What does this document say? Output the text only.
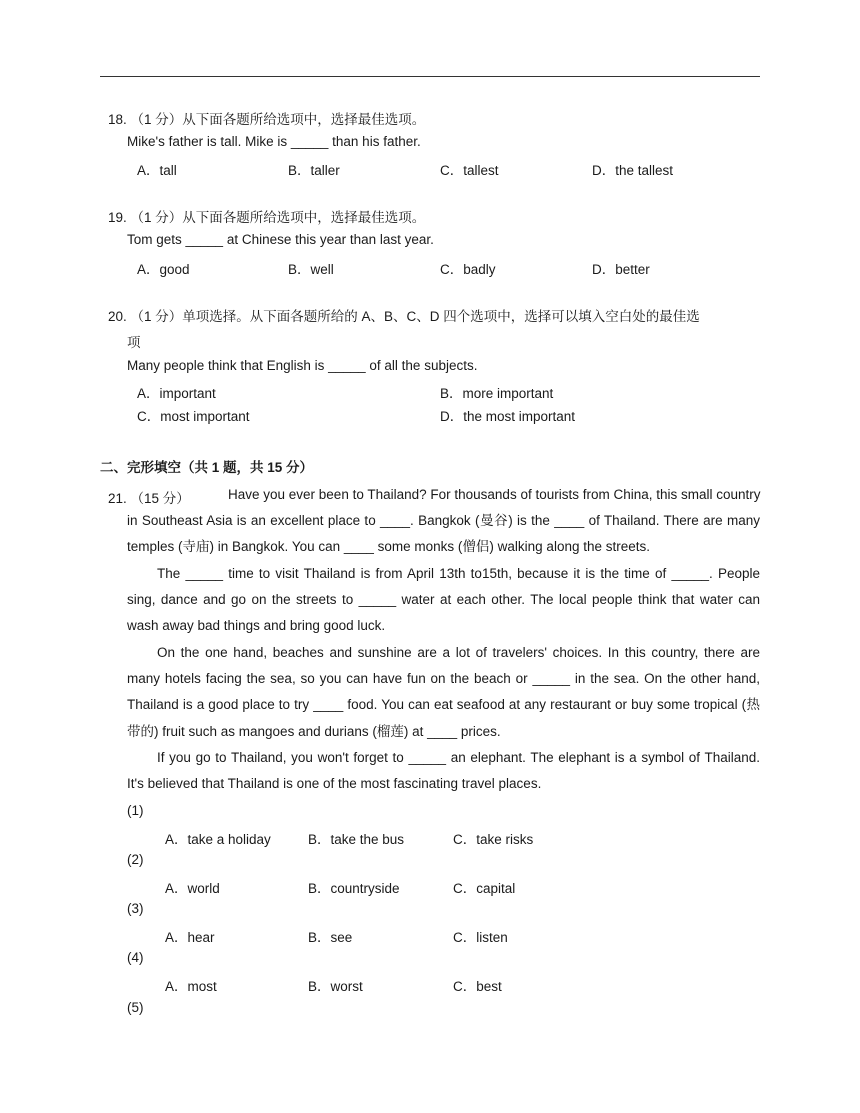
18. （1 分）从下面各题所给选项中，选择最佳选项。
Mike's father is tall. Mike is _____ than his father.
A．tall	B．taller	C．tallest	D．the tallest
19. （1 分）从下面各题所给选项中，选择最佳选项。
Tom gets _____ at Chinese this year than last year.
A．good	B．well	C．badly	D．better
20. （1 分）单项选择。从下面各题所给的 A、B、C、D 四个选项中，选择可以填入空白处的最佳选
项
Many people think that English is _____ of all the subjects.
A．important	B．more important
C．most important	D．the most important
二、完形填空（共 1 题，共 15 分）
21. （15 分）	Have you ever been to Thailand? For thousands of tourists from China, this small country
in Southeast Asia is an excellent place to ____. Bangkok (曼谷) is the ____ of Thailand. There are many temples (寺庙) in Bangkok. You can ____ some monks (僧侣) walking along the streets.
The _____ time to visit Thailand is from April 13th to15th, because it is the time of _____. People sing, dance and go on the streets to _____ water at each other. The local people think that water can wash away bad things and bring good luck.
On the one hand, beaches and sunshine are a lot of travelers' choices. In this country, there are many hotels facing the sea, so you can have fun on the beach or _____ in the sea. On the other hand, Thailand is a good place to try ____ food. You can eat seafood at any restaurant or buy some tropical (热带的) fruit such as mangoes and durians (榴莲) at ____ prices.
If you go to Thailand, you won't forget to _____ an elephant. The elephant is a symbol of Thailand. It's believed that Thailand is one of the most fascinating travel places.
(1)
A．take a holiday	B．take the bus	C．take risks
(2)
A．world	B．countryside	C．capital
(3)
A．hear	B．see	C．listen
(4)
A．most	B．worst	C．best
(5)
